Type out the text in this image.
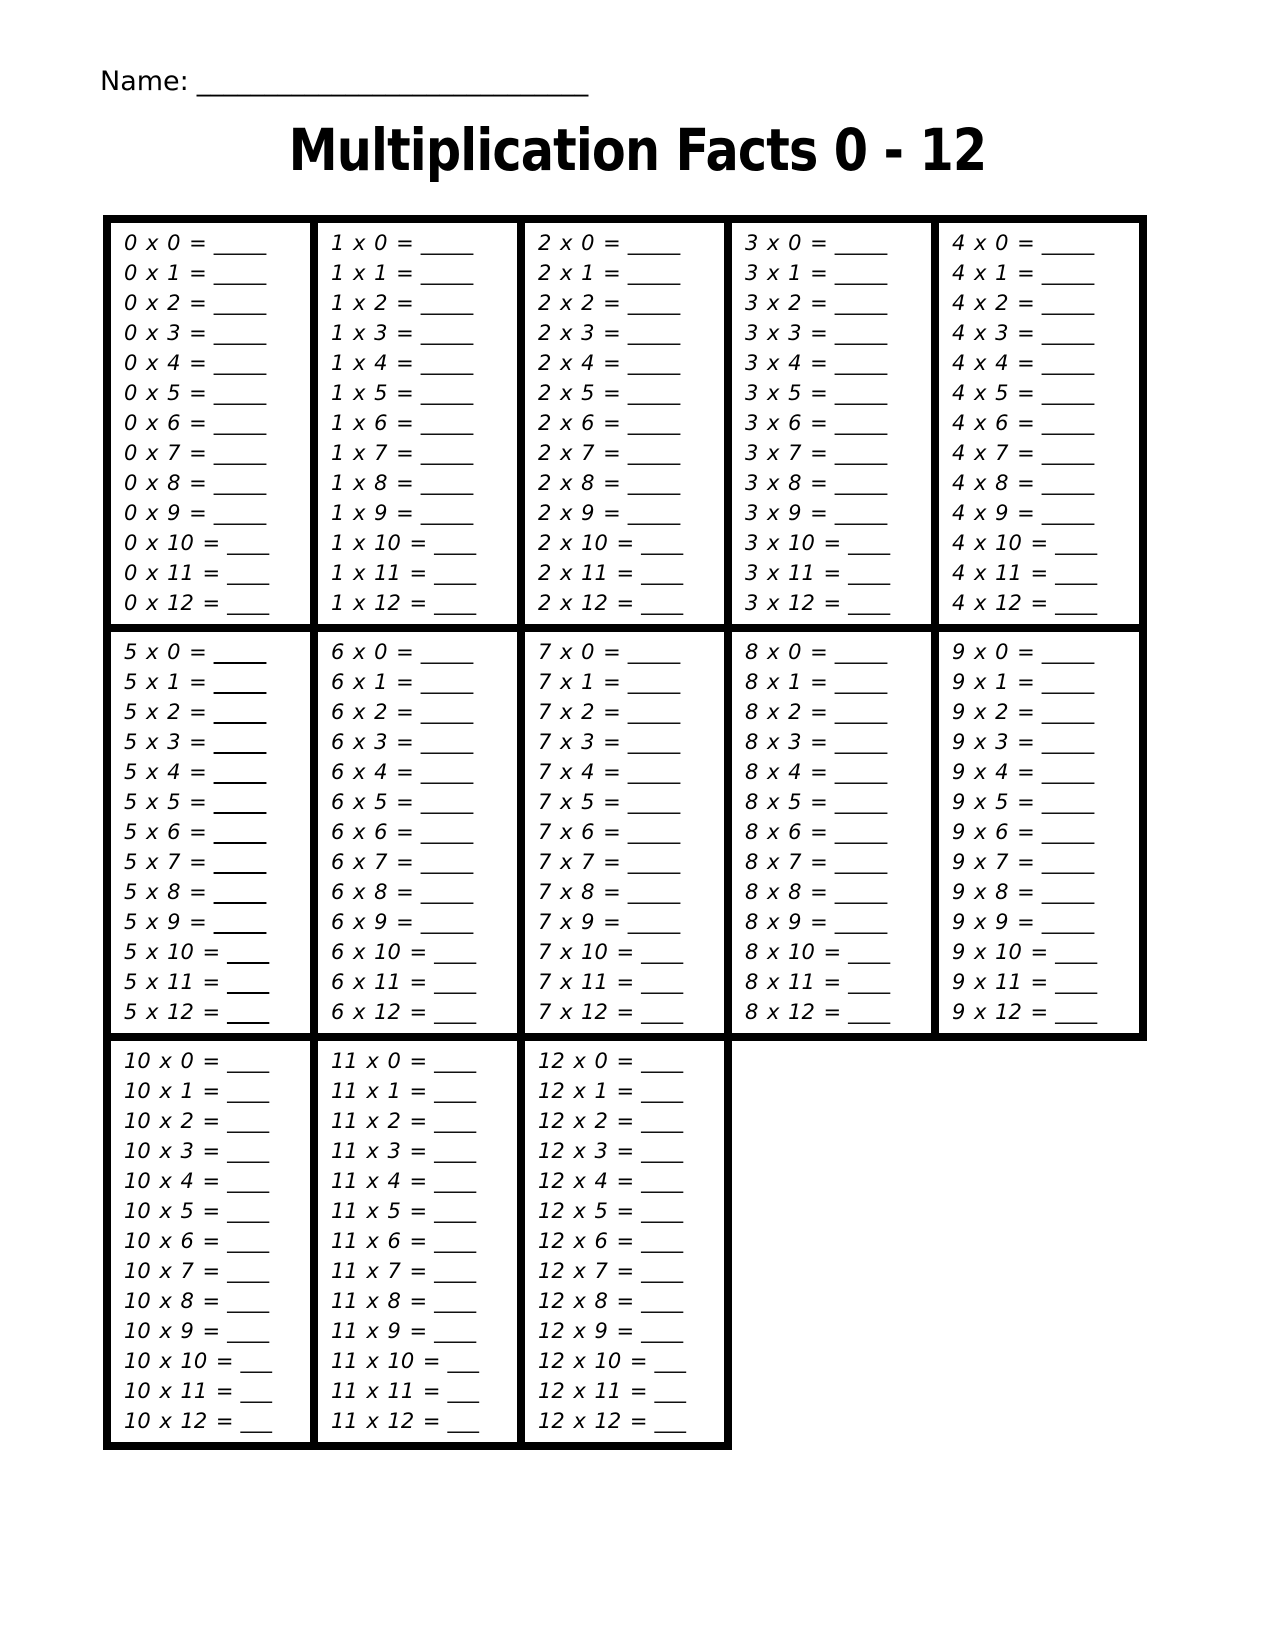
Name: _____________________________
Multiplication Facts 0 - 12
0 x 0 = _____
0 x 1 = _____
0 x 2 = _____
0 x 3 = _____
0 x 4 = _____
0 x 5 = _____
0 x 6 = _____
0 x 7 = _____
0 x 8 = _____
0 x 9 = _____
0 x 10 = ____
0 x 11 = ____
0 x 12 = ____

1 x 0 = _____
1 x 1 = _____
1 x 2 = _____
1 x 3 = _____
1 x 4 = _____
1 x 5 = _____
1 x 6 = _____
1 x 7 = _____
1 x 8 = _____
1 x 9 = _____
1 x 10 = ____
1 x 11 = ____
1 x 12 = ____

2 x 0 = _____
2 x 1 = _____
2 x 2 = _____
2 x 3 = _____
2 x 4 = _____
2 x 5 = _____
2 x 6 = _____
2 x 7 = _____
2 x 8 = _____
2 x 9 = _____
2 x 10 = ____
2 x 11 = ____
2 x 12 = ____

3 x 0 = _____
3 x 1 = _____
3 x 2 = _____
3 x 3 = _____
3 x 4 = _____
3 x 5 = _____
3 x 6 = _____
3 x 7 = _____
3 x 8 = _____
3 x 9 = _____
3 x 10 = ____
3 x 11 = ____
3 x 12 = ____

4 x 0 = _____
4 x 1 = _____
4 x 2 = _____
4 x 3 = _____
4 x 4 = _____
4 x 5 = _____
4 x 6 = _____
4 x 7 = _____
4 x 8 = _____
4 x 9 = _____
4 x 10 = ____
4 x 11 = ____
4 x 12 = ____

5 x 0 = _____
5 x 1 = _____
5 x 2 = _____
5 x 3 = _____
5 x 4 = _____
5 x 5 = _____
5 x 6 = _____
5 x 7 = _____
5 x 8 = _____
5 x 9 = _____
5 x 10 = ____
5 x 11 = ____
5 x 12 = ____

6 x 0 = _____
6 x 1 = _____
6 x 2 = _____
6 x 3 = _____
6 x 4 = _____
6 x 5 = _____
6 x 6 = _____
6 x 7 = _____
6 x 8 = _____
6 x 9 = _____
6 x 10 = ____
6 x 11 = ____
6 x 12 = ____

7 x 0 = _____
7 x 1 = _____
7 x 2 = _____
7 x 3 = _____
7 x 4 = _____
7 x 5 = _____
7 x 6 = _____
7 x 7 = _____
7 x 8 = _____
7 x 9 = _____
7 x 10 = ____
7 x 11 = ____
7 x 12 = ____

8 x 0 = _____
8 x 1 = _____
8 x 2 = _____
8 x 3 = _____
8 x 4 = _____
8 x 5 = _____
8 x 6 = _____
8 x 7 = _____
8 x 8 = _____
8 x 9 = _____
8 x 10 = ____
8 x 11 = ____
8 x 12 = ____

9 x 0 = _____
9 x 1 = _____
9 x 2 = _____
9 x 3 = _____
9 x 4 = _____
9 x 5 = _____
9 x 6 = _____
9 x 7 = _____
9 x 8 = _____
9 x 9 = _____
9 x 10 = ____
9 x 11 = ____
9 x 12 = ____

10 x 0 = ____
10 x 1 = ____
10 x 2 = ____
10 x 3 = ____
10 x 4 = ____
10 x 5 = ____
10 x 6 = ____
10 x 7 = ____
10 x 8 = ____
10 x 9 = ____
10 x 10 = ___
10 x 11 = ___
10 x 12 = ___

11 x 0 = ____
11 x 1 = ____
11 x 2 = ____
11 x 3 = ____
11 x 4 = ____
11 x 5 = ____
11 x 6 = ____
11 x 7 = ____
11 x 8 = ____
11 x 9 = ____
11 x 10 = ___
11 x 11 = ___
11 x 12 = ___

12 x 0 = ____
12 x 1 = ____
12 x 2 = ____
12 x 3 = ____
12 x 4 = ____
12 x 5 = ____
12 x 6 = ____
12 x 7 = ____
12 x 8 = ____
12 x 9 = ____
12 x 10 = ___
12 x 11 = ___
12 x 12 = ___
